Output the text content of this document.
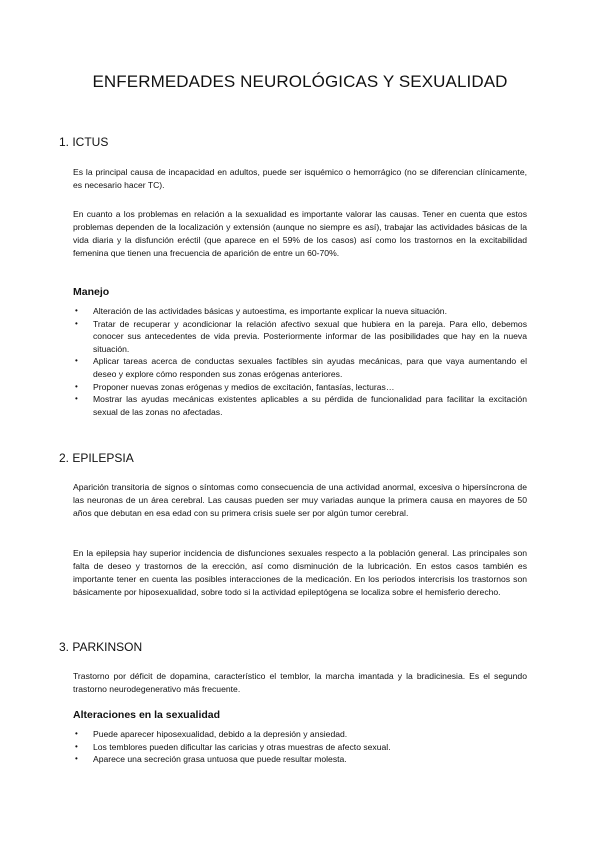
ENFERMEDADES NEUROLÓGICAS Y SEXUALIDAD
1. ICTUS

Es la principal causa de incapacidad en adultos, puede ser isquémico o hemorrágico (no se diferencian clínicamente, es necesario hacer TC).

En cuanto a los problemas en relación a la sexualidad es importante valorar las causas. Tener en cuenta que estos problemas dependen de la localización y extensión (aunque no siempre es así), trabajar las actividades básicas de la vida diaria y la disfunción eréctil (que aparece en el 59% de los casos) así como los trastornos en la excitabilidad femenina que tienen una frecuencia de aparición de entre un 60-70%.

Manejo
• Alteración de las actividades básicas y autoestima, es importante explicar la nueva situación.
• Tratar de recuperar y acondicionar la relación afectivo sexual que hubiera en la pareja. Para ello, debemos conocer sus antecedentes de vida previa. Posteriormente informar de las posibilidades que hay en la nueva situación.
• Aplicar tareas acerca de conductas sexuales factibles sin ayudas mecánicas, para que vaya aumentando el deseo y explore cómo responden sus zonas erógenas anteriores.
• Proponer nuevas zonas erógenas y medios de excitación, fantasías, lecturas…
• Mostrar las ayudas mecánicas existentes aplicables a su pérdida de funcionalidad para facilitar la excitación sexual de las zonas no afectadas.
2. EPILEPSIA

Aparición transitoria de signos o síntomas como consecuencia de una actividad anormal, excesiva o hipersíncrona de las neuronas de un área cerebral. Las causas pueden ser muy variadas aunque la primera causa en mayores de 50 años que debutan en esa edad con su primera crisis suele ser por algún tumor cerebral.

En la epilepsia hay superior incidencia de disfunciones sexuales respecto a la población general. Las principales son falta de deseo y trastornos de la erección, así como disminución de la lubricación. En estos casos también es importante tener en cuenta las posibles interacciones de la medicación. En los periodos intercrisis los trastornos son básicamente por hiposexualidad, sobre todo si la actividad epileptógena se localiza sobre el hemisferio derecho.

3. PARKINSON

Trastorno por déficit de dopamina, característico el temblor, la marcha imantada y la bradicinesia. Es el segundo trastorno neurodegenerativo más frecuente.

Alteraciones en la sexualidad
• Puede aparecer hiposexualidad, debido a la depresión y ansiedad.
• Los temblores pueden dificultar las caricias y otras muestras de afecto sexual.
• Aparece una secreción grasa untuosa que puede resultar molesta.
